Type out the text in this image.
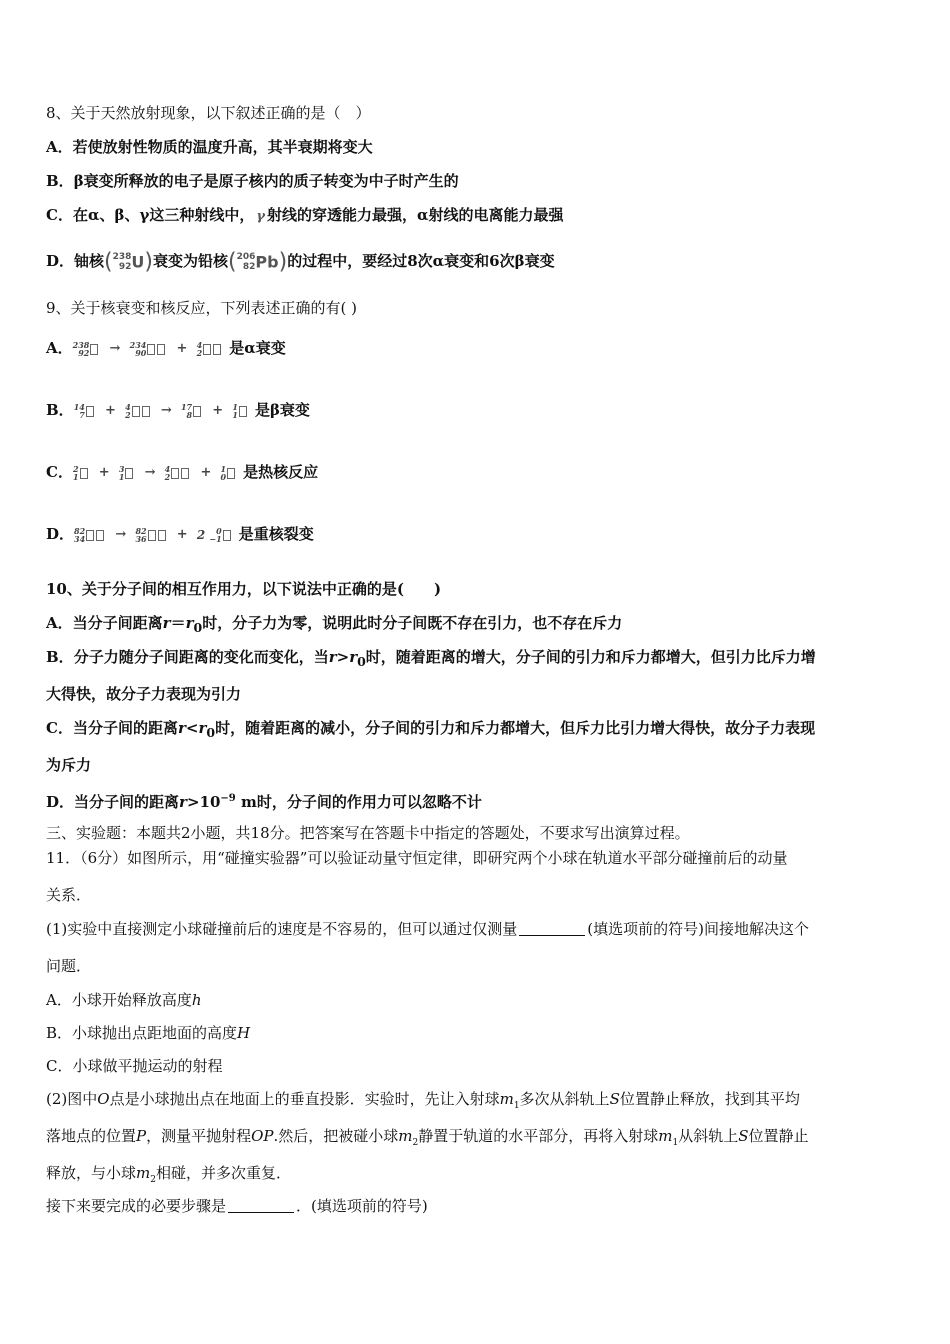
8、关于天然放射现象，以下叙述正确的是（　）
A．若使放射性物质的温度升高，其半衰期将变大
B．β衰变所释放的电子是原子核内的质子转变为中子时产生的
C．在α、β、γ这三种射线中， γ 射线的穿透能力最强，α射线的电离能力最强
D．铀核( 238
92 U)衰变为铅核( 206
82 Pb)的过程中，要经过8次α衰变和6次β衰变
9、关于核衰变和核反应，下列表述正确的有( )
A． 238
92 → 234
90 + 4
2 是α衰变
B． 14
7 + 4
2 → 17
8 + 1
1 是β衰变
C． 2
1 + 3
1 → 4
2 + 1
0 是热核反应
D． 82
34 → 82
36 + 2	0
−1 是重核裂变
10、关于分子间的相互作用力，以下说法中正确的是(　　)
A．当分子间距离$r=r_0$时，分子力为零，说明此时分子间既不存在引力，也不存在斥力
B．分子力随分子间距离的变化而变化，当$r>r_0$时，随着距离的增大，分子间的引力和斥力都增大，但引力比斥力增
大得快，故分子力表现为引力
C．当分子间的距离$r<r_0$时，随着距离的减小，分子间的引力和斥力都增大，但斥力比引力增大得快，故分子力表现
为斥力
D．当分子间的距离$r>10^{-9}$ m时，分子间的作用力可以忽略不计
三、实验题：本题共2小题，共18分。把答案写在答题卡中指定的答题处，不要求写出演算过程。
11．（6分）如图所示，用“碰撞实验器”可以验证动量守恒定律，即研究两个小球在轨道水平部分碰撞前后的动量
关系．
(1)实验中直接测定小球碰撞前后的速度是不容易的，但可以通过仅测量	(填选项前的符号)间接地解决这个
问题．
A．小球开始释放高度h
B．小球抛出点距地面的高度H
C．小球做平抛运动的射程
(2)图中O点是小球抛出点在地面上的垂直投影．实验时，先让入射球$m_1$多次从斜轨上S位置静止释放，找到其平均
落地点的位置P，测量平抛射程OP.然后，把被碰小球$m_2$静置于轨道的水平部分，再将入射球$m_1$从斜轨上S位置静止
释放，与小球$m_2$相碰，并多次重复．
接下来要完成的必要步骤是	．(填选项前的符号)
